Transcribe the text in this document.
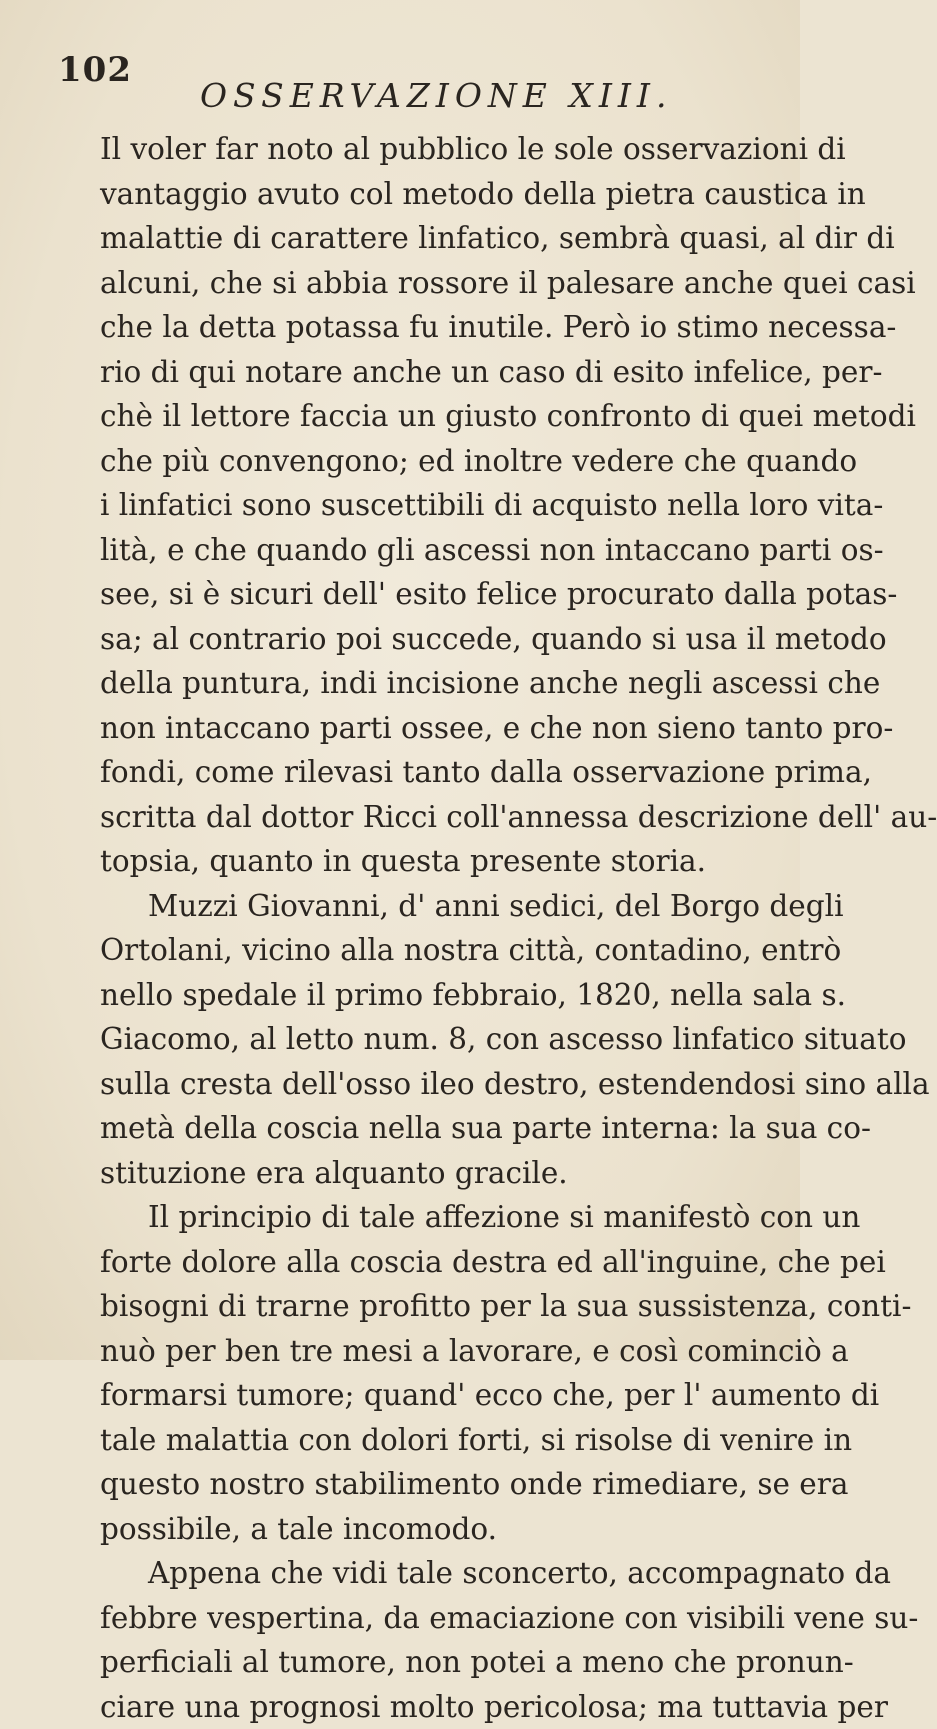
102
OSSERVAZIONE XIII.
Il voler far noto al pubblico le sole osservazioni di
vantaggio avuto col metodo della pietra caustica in
malattie di carattere linfatico, sembrà quasi, al dir di
alcuni, che si abbia rossore il palesare anche quei casi
che la detta potassa fu inutile. Però io stimo necessa-
rio di qui notare anche un caso di esito infelice, per-
chè il lettore faccia un giusto confronto di quei metodi
che più convengono; ed inoltre vedere che quando
i linfatici sono suscettibili di acquisto nella loro vita-
lità, e che quando gli ascessi non intaccano parti os-
see, si è sicuri dell' esito felice procurato dalla potas-
sa; al contrario poi succede, quando si usa il metodo
della puntura, indi incisione anche negli ascessi che
non intaccano parti ossee, e che non sieno tanto pro-
fondi, come rilevasi tanto dalla osservazione prima,
scritta dal dottor Ricci coll'annessa descrizione dell' au-
topsia, quanto in questa presente storia.
Muzzi Giovanni, d' anni sedici, del Borgo degli
Ortolani, vicino alla nostra città, contadino, entrò
nello spedale il primo febbraio, 1820, nella sala s.
Giacomo, al letto num. 8, con ascesso linfatico situato
sulla cresta dell'osso ileo destro, estendendosi sino alla
metà della coscia nella sua parte interna: la sua co-
stituzione era alquanto gracile.
Il principio di tale affezione si manifestò con un
forte dolore alla coscia destra ed all'inguine, che pei
bisogni di trarne profitto per la sua sussistenza, conti-
nuò per ben tre mesi a lavorare, e così cominciò a
formarsi tumore; quand' ecco che, per l' aumento di
tale malattia con dolori forti, si risolse di venire in
questo nostro stabilimento onde rimediare, se era
possibile, a tale incomodo.
Appena che vidi tale sconcerto, accompagnato da
febbre vespertina, da emaciazione con visibili vene su-
perficiali al tumore, non potei a meno che pronun-
ciare una prognosi molto pericolosa; ma tuttavia per
